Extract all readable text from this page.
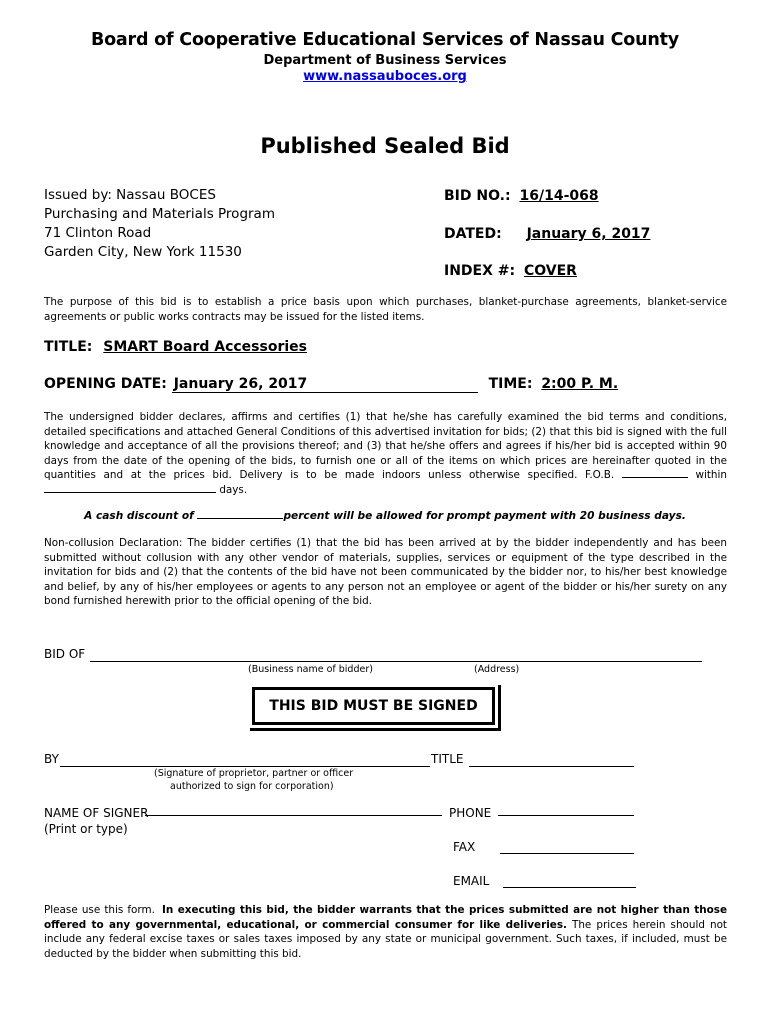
Board of Cooperative Educational Services of Nassau County
Department of Business Services
www.nassauboces.org
Published Sealed Bid
Issued by: Nassau BOCES
Purchasing and Materials Program
71 Clinton Road
Garden City, New York 11530
BID NO.: 16/14-068
DATED: January 6, 2017
INDEX #: COVER
The purpose of this bid is to establish a price basis upon which purchases, blanket-purchase agreements, blanket-service agreements or public works contracts may be issued for the listed items.
TITLE: SMART Board Accessories
OPENING DATE: January 26, 2017	TIME: 2:00 P. M.
The undersigned bidder declares, affirms and certifies (1) that he/she has carefully examined the bid terms and conditions, detailed specifications and attached General Conditions of this advertised invitation for bids; (2) that this bid is signed with the full knowledge and acceptance of all the provisions thereof; and (3) that he/she offers and agrees if his/her bid is accepted within 90 days from the date of the opening of the bids, to furnish one or all of the items on which prices are hereinafter quoted in the quantities and at the prices bid. Delivery is to be made indoors unless otherwise specified. F.O.B.	within days.
A cash discount of	percent will be allowed for prompt payment with 20 business days.
Non-collusion Declaration: The bidder certifies (1) that the bid has been arrived at by the bidder independently and has been submitted without collusion with any other vendor of materials, supplies, services or equipment of the type described in the invitation for bids and (2) that the contents of the bid have not been communicated by the bidder nor, to his/her best knowledge and belief, by any of his/her employees or agents to any person not an employee or agent of the bidder or his/her surety on any bond furnished herewith prior to the official opening of the bid.
BID OF
(Business name of bidder)	(Address)
THIS BID MUST BE SIGNED
BY	TITLE
(Signature of proprietor, partner or officer
authorized to sign for corporation)
NAME OF SIGNER
(Print or type)
PHONE
FAX
EMAIL
Please use this form. In executing this bid, the bidder warrants that the prices submitted are not higher than those offered to any governmental, educational, or commercial consumer for like deliveries. The prices herein should not include any federal excise taxes or sales taxes imposed by any state or municipal government. Such taxes, if included, must be deducted by the bidder when submitting this bid.
